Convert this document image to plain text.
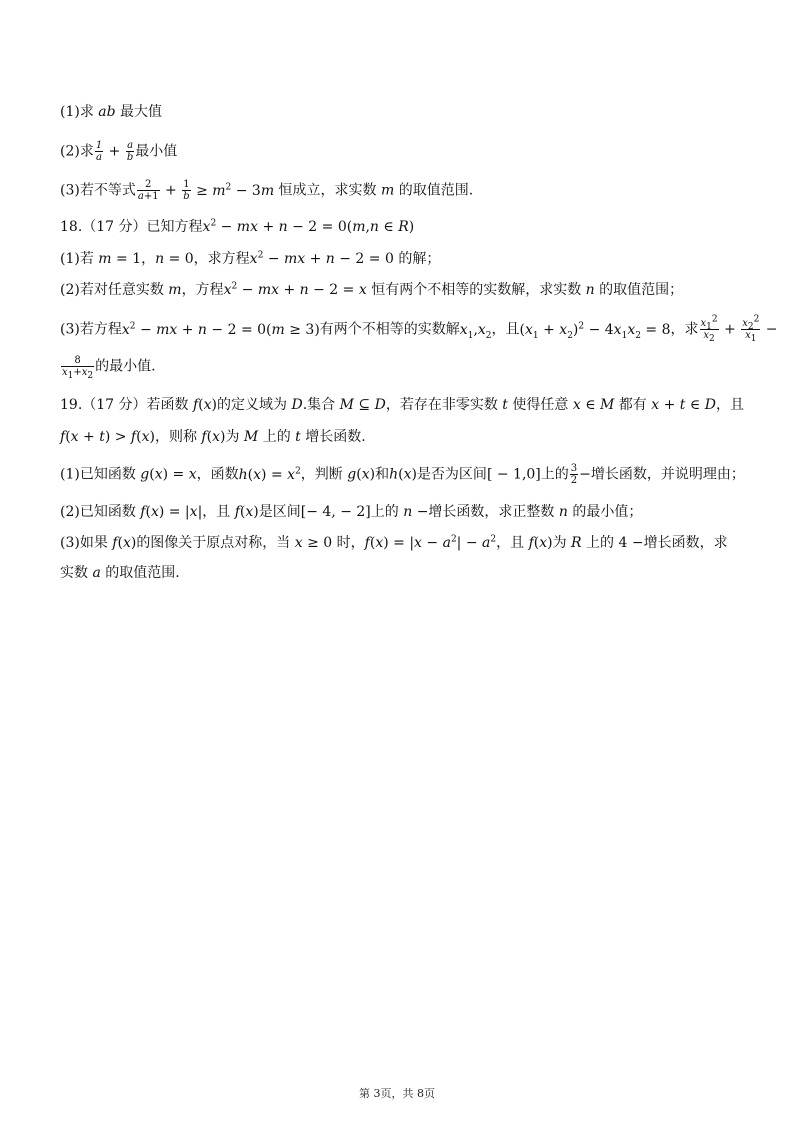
(1)求 ab 最大值
(2)求 $\frac{1}{a} + \frac{a}{b}$ 最小值
(3)若不等式 $\frac{2}{a+1} + \frac{1}{b} \ge m^2 - 3m$ 恒成立，求实数 m 的取值范围.
18.（17 分）已知方程$x^2$ − mx + n − 2 = 0(m,n ∈ R)
(1)若 m = 1，n = 0，求方程$x^2$ − mx + n − 2 = 0 的解；
(2)若对任意实数 m，方程$x^2$ − mx + n − 2 = x 恒有两个不相等的实数解，求实数 n 的取值范围；
(3)若方程$x^2$ − mx + n − 2 = 0(m ≥ 3)有两个不相等的实数解$x_1,x_2$，且$(x_1 + x_2)^2 - 4x_1x_2 = 8$，求 $\frac{x_1^2}{x_2} + \frac{x_2^2}{x_1}$ −
$\frac{8}{x_1+x_2}$ 的最小值.
19.（17 分）若函数 f(x)的定义域为 D.集合 M ⊆ D，若存在非零实数 t 使得任意 x ∈ M 都有 x + t ∈ D，且
f(x + t) > f(x)，则称 f(x)为 M 上的 t 增长函数.
(1)已知函数 g(x) = x，函数$h(x) = x^2$，判断 g(x)和h(x)是否为区间[ − 1,0]上的 $\frac{3}{2}$ −增长函数，并说明理由；
(2)已知函数 f(x) = |x|，且 f(x)是区间[− 4, − 2]上的 n −增长函数，求正整数 n 的最小值；
(3)如果 f(x)的图像关于原点对称，当 x ≥ 0 时，$f(x) = |x - a^2| - a^2$，且 f(x)为 R 上的 4 −增长函数，求
实数 a 的取值范围.
第 3页，共 8页
